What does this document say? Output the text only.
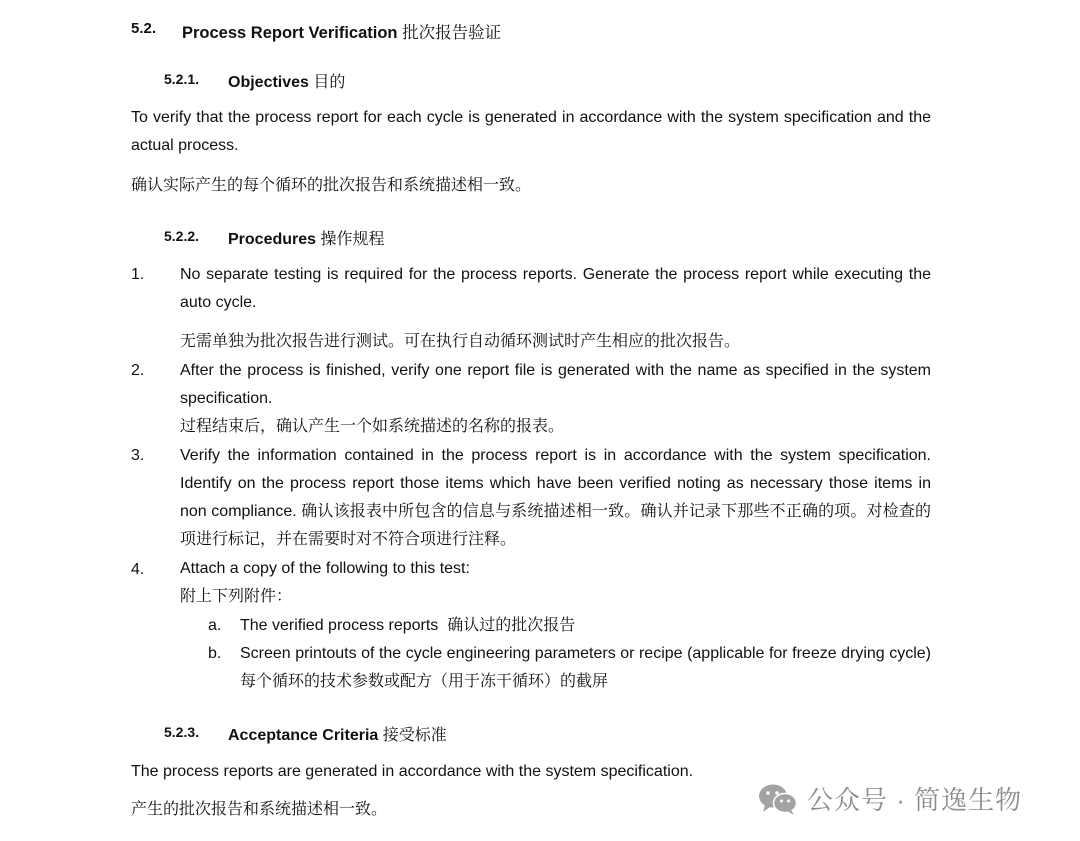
5.2. Process Report Verification 批次报告验证
5.2.1. Objectives 目的
To verify that the process report for each cycle is generated in accordance with the system specification and the actual process.
确认实际产生的每个循环的批次报告和系统描述相一致。
5.2.2. Procedures 操作规程
1. No separate testing is required for the process reports. Generate the process report while executing the auto cycle.
无需单独为批次报告进行测试。可在执行自动循环测试时产生相应的批次报告。
2. After the process is finished, verify one report file is generated with the name as specified in the system specification.
过程结束后，确认产生一个如系统描述的名称的报表。
3. Verify the information contained in the process report is in accordance with the system specification. Identify on the process report those items which have been verified noting as necessary those items in non compliance. 确认该报表中所包含的信息与系统描述相一致。确认并记录下那些不正确的项。对检查的项进行标记，并在需要时对不符合项进行注释。
4. Attach a copy of the following to this test:
附上下列附件：
a. The verified process reports 确认过的批次报告
b. Screen printouts of the cycle engineering parameters or recipe (applicable for freeze drying cycle)每个循环的技术参数或配方（用于冻干循环）的截屏
5.2.3. Acceptance Criteria 接受标准
The process reports are generated in accordance with the system specification.
产生的批次报告和系统描述相一致。	公众号 · 简逸生物
